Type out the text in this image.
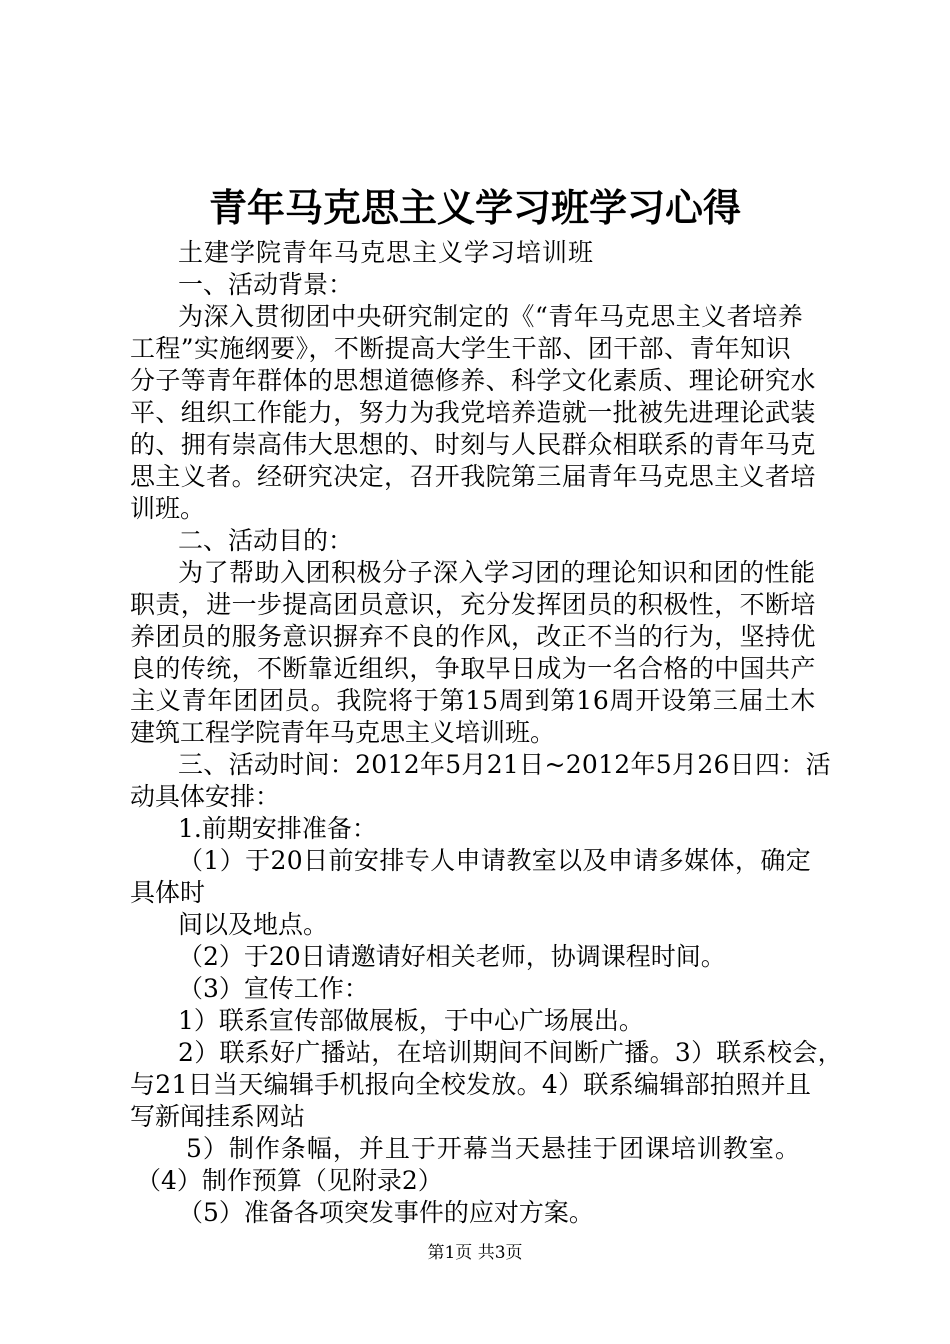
青年马克思主义学习班学习心得
土建学院青年马克思主义学习培训班
一、活动背景：
为深入贯彻团中央研究制定的《“青年马克思主义者培养
工程”实施纲要》，不断提高大学生干部、团干部、青年知识
分子等青年群体的思想道德修养、科学文化素质、理论研究水
平、组织工作能力，努力为我党培养造就一批被先进理论武装
的、拥有崇高伟大思想的、时刻与人民群众相联系的青年马克
思主义者。经研究决定，召开我院第三届青年马克思主义者培
训班。
二、活动目的：
为了帮助入团积极分子深入学习团的理论知识和团的性能
职责，进一步提高团员意识，充分发挥团员的积极性，不断培
养团员的服务意识摒弃不良的作风，改正不当的行为，坚持优
良的传统，不断靠近组织，争取早日成为一名合格的中国共产
主义青年团团员。我院将于第15周到第16周开设第三届土木
建筑工程学院青年马克思主义培训班。
三、活动时间：2012年5月21日~2012年5月26日四：活
动具体安排：
1.前期安排准备：
（1）于20日前安排专人申请教室以及申请多媒体，确定
具体时
间以及地点。
（2）于20日请邀请好相关老师，协调课程时间。
（3）宣传工作：
1）联系宣传部做展板，于中心广场展出。
2）联系好广播站，在培训期间不间断广播。3）联系校会，
与21日当天编辑手机报向全校发放。4）联系编辑部拍照并且
写新闻挂系网站
5）制作条幅，并且于开幕当天悬挂于团课培训教室。
（4）制作预算（见附录2）
（5）准备各项突发事件的应对方案。
第1页 共3页
